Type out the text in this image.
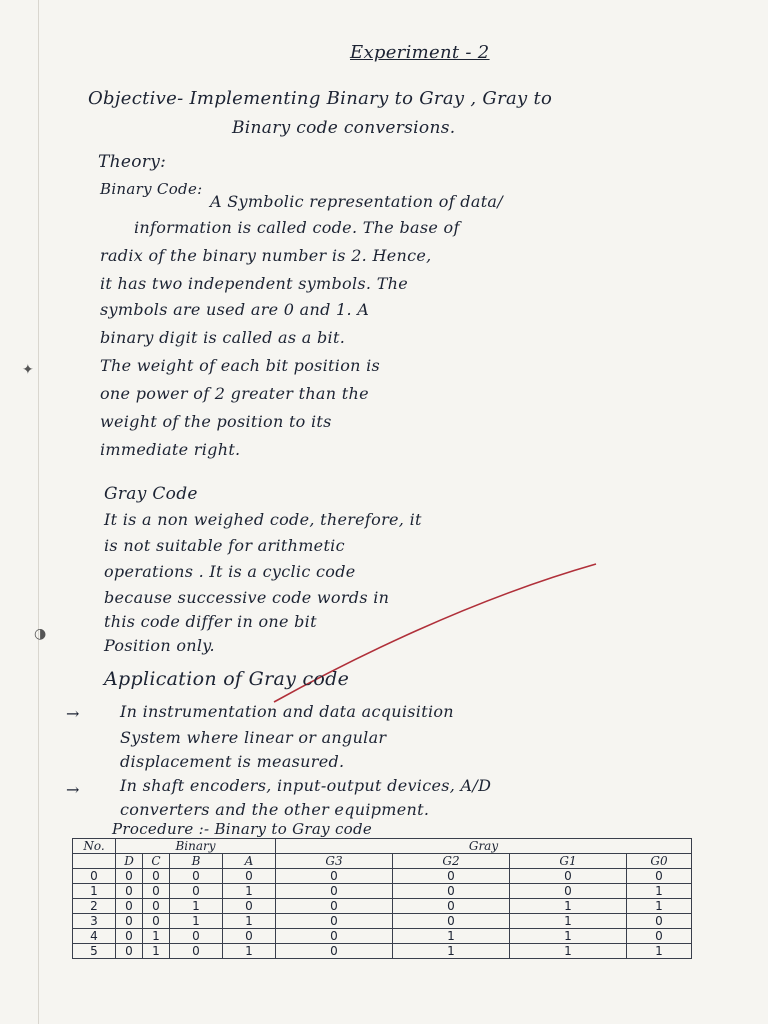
Experiment - 2
Objective- Implementing Binary to Gray , Gray to
Binary code conversions.
Theory:
Binary Code:
A Symbolic representation of data/
information is called code. The base of
radix of the binary number is 2. Hence,
it has two independent symbols. The
symbols are used are 0 and 1. A
binary digit is called as a bit.
The weight of each bit position is
one power of 2 greater than the
weight of the position to its
immediate right.
✦
Gray Code
It is a non weighed code, therefore, it
is not suitable for arithmetic
operations . It is a cyclic code
because successive code words in
this code differ in one bit
Position only.
◑
Application of Gray code
→	In instrumentation and data acquisition
System where linear or angular
displacement is measured.
→	In shaft encoders, input-output devices, A/D
converters and the other equipment.
Procedure :- Binary to Gray code
No.	Binary				Gray			
	D	C	B	A	G3	G2	G1	G0
0	0	0	0	0	0	0	0	0
1	0	0	0	1	0	0	0	1
2	0	0	1	0	0	0	1	1
3	0	0	1	1	0	0	1	0
4	0	1	0	0	0	1	1	0
5	0	1	0	1	0	1	1	1
